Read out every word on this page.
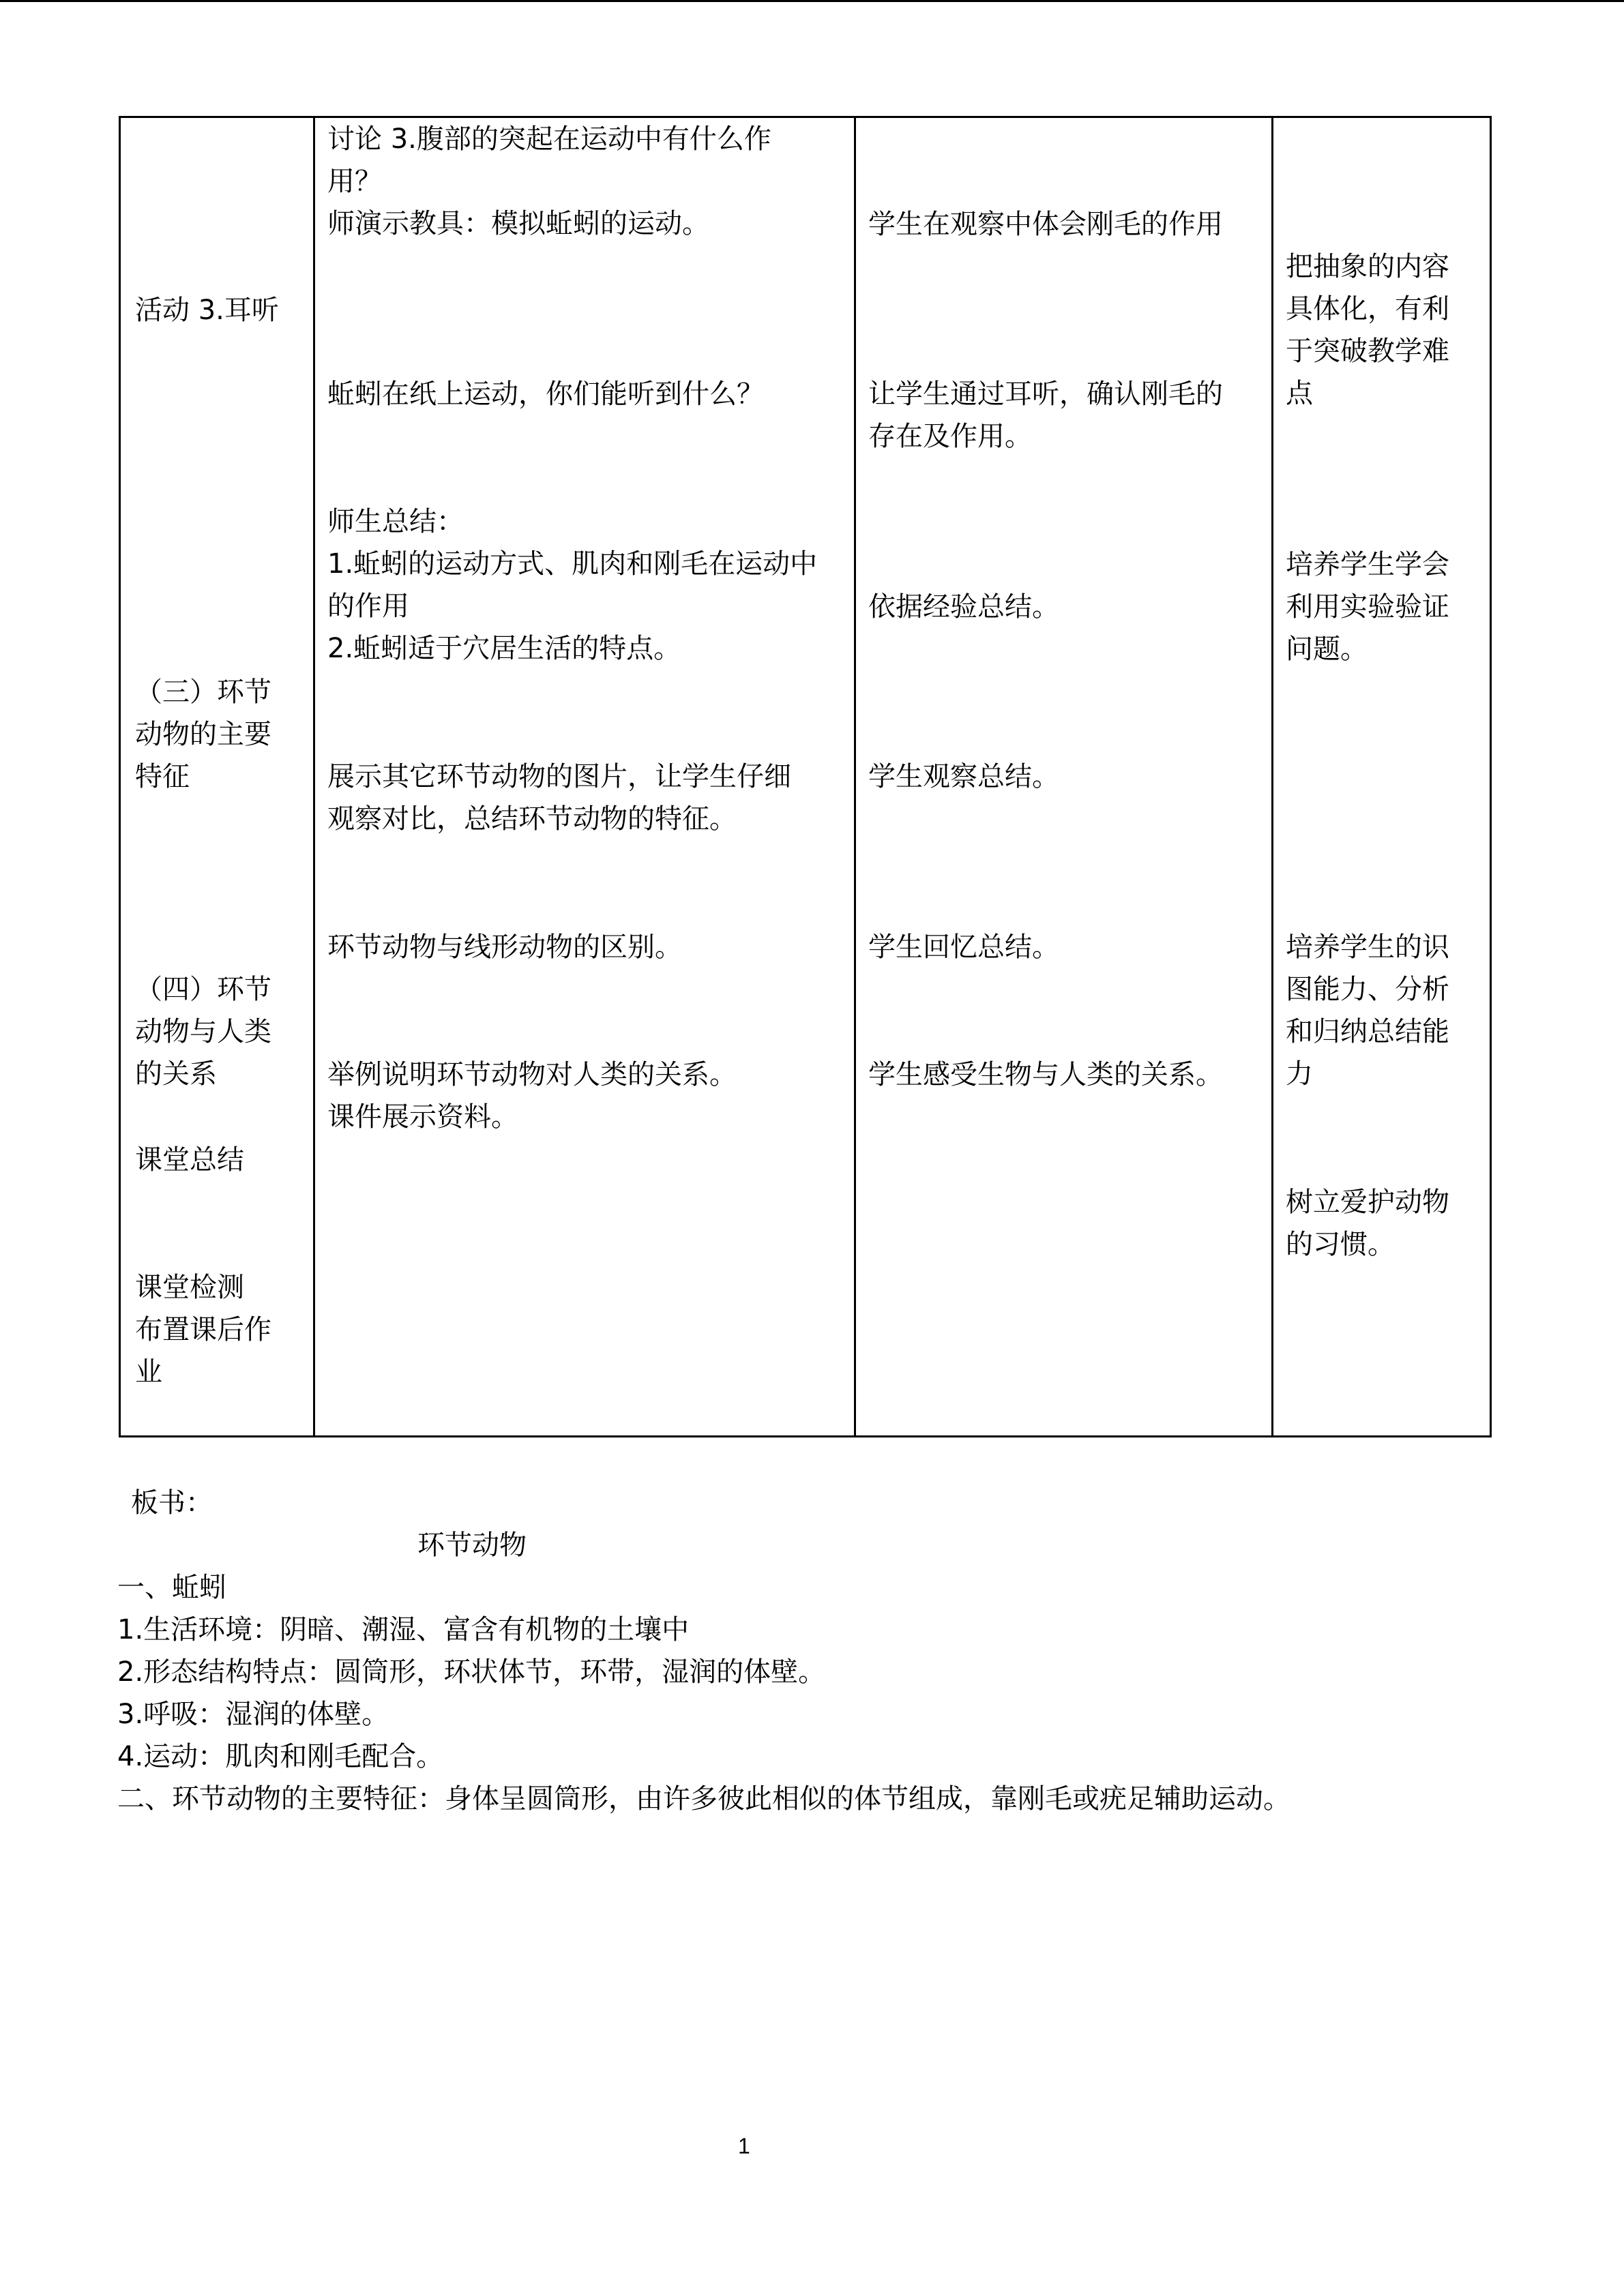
活动 3.耳听

（三）环节

动物的主要

特征

（四）环节

动物与人类

的关系

课堂总结

课堂检测

布置课后作

业

讨论 3.腹部的突起在运动中有什么作

用？

师演示教具：模拟蚯蚓的运动。

蚯蚓在纸上运动，你们能听到什么？

师生总结：

1.蚯蚓的运动方式、肌肉和刚毛在运动中

的作用

2.蚯蚓适于穴居生活的特点。

展示其它环节动物的图片，让学生仔细

观察对比，总结环节动物的特征。

环节动物与线形动物的区别。

举例说明环节动物对人类的关系。

课件展示资料。

学生在观察中体会刚毛的作用

让学生通过耳听，确认刚毛的

存在及作用。

依据经验总结。
学生观察总结。
学生回忆总结。
学生感受生物与人类的关系。

把抽象的内容

具体化，有利

于突破教学难

点

培养学生学会

利用实验验证

问题。

培养学生的识

图能力、分析

和归纳总结能

力

树立爱护动物

的习惯。

板书：
环节动物
一、蚯蚓
1.生活环境：阴暗、潮湿、富含有机物的土壤中
2.形态结构特点：圆筒形，环状体节，环带，湿润的体壁。
3.呼吸：湿润的体壁。
4.运动：肌肉和刚毛配合。
二、环节动物的主要特征：身体呈圆筒形，由许多彼此相似的体节组成，靠刚毛或疣足辅助运动。
1
